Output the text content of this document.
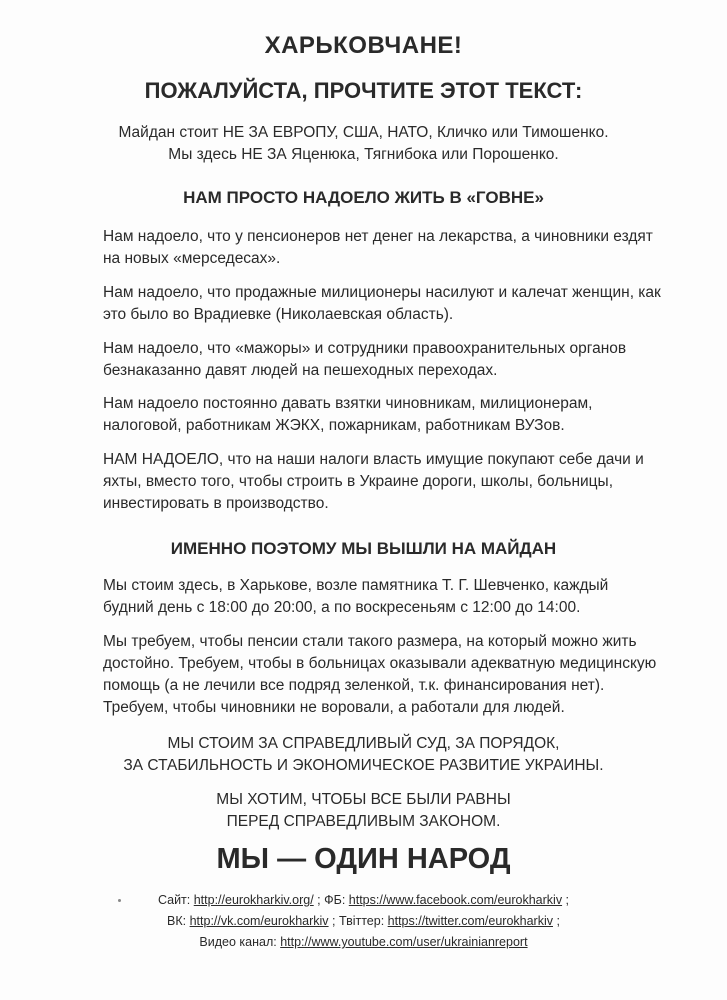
ХАРЬКОВЧАНЕ!
ПОЖАЛУЙСТА, ПРОЧТИТЕ ЭТОТ ТЕКСТ:
Майдан стоит НЕ ЗА ЕВРОПУ, США, НАТО, Кличко или Тимошенко.
Мы здесь НЕ ЗА Яценюка, Тягнибока или Порошенко.
НАМ ПРОСТО НАДОЕЛО ЖИТЬ В «ГОВНЕ»
Нам надоело, что у пенсионеров нет денег на лекарства, а чиновники ездят
на новых «мерседесах».
Нам надоело, что продажные милиционеры насилуют и калечат женщин, как
это было во Врадиевке (Николаевская область).
Нам надоело, что «мажоры» и сотрудники правоохранительных органов
безнаказанно давят людей на пешеходных переходах.
Нам надоело постоянно давать взятки чиновникам, милиционерам,
налоговой, работникам ЖЭКХ, пожарникам, работникам ВУЗов.
НАМ НАДОЕЛО, что на наши налоги власть имущие покупают себе дачи и
яхты, вместо того, чтобы строить в Украине дороги, школы, больницы,
инвестировать в производство.
ИМЕННО ПОЭТОМУ МЫ ВЫШЛИ НА МАЙДАН
Мы стоим здесь, в Харькове, возле памятника Т. Г. Шевченко, каждый
будний день с 18:00 до 20:00, а по воскресеньям с 12:00 до 14:00.
Мы требуем, чтобы пенсии стали такого размера, на который можно жить
достойно. Требуем, чтобы в больницах оказывали адекватную медицинскую
помощь (а не лечили все подряд зеленкой, т.к. финансирования нет).
Требуем, чтобы чиновники не воровали, а работали для людей.
МЫ СТОИМ ЗА СПРАВЕДЛИВЫЙ СУД, ЗА ПОРЯДОК,
ЗА СТАБИЛЬНОСТЬ И ЭКОНОМИЧЕСКОЕ РАЗВИТИЕ УКРАИНЫ.
МЫ ХОТИМ, ЧТОБЫ ВСЕ БЫЛИ РАВНЫ
ПЕРЕД СПРАВЕДЛИВЫМ ЗАКОНОМ.
МЫ — ОДИН НАРОД
Сайт: http://eurokharkiv.org/ ; ФБ: https://www.facebook.com/eurokharkiv ;
ВК: http://vk.com/eurokharkiv ; Твіттер: https://twitter.com/eurokharkiv ;
Видео канал: http://www.youtube.com/user/ukrainianreport
